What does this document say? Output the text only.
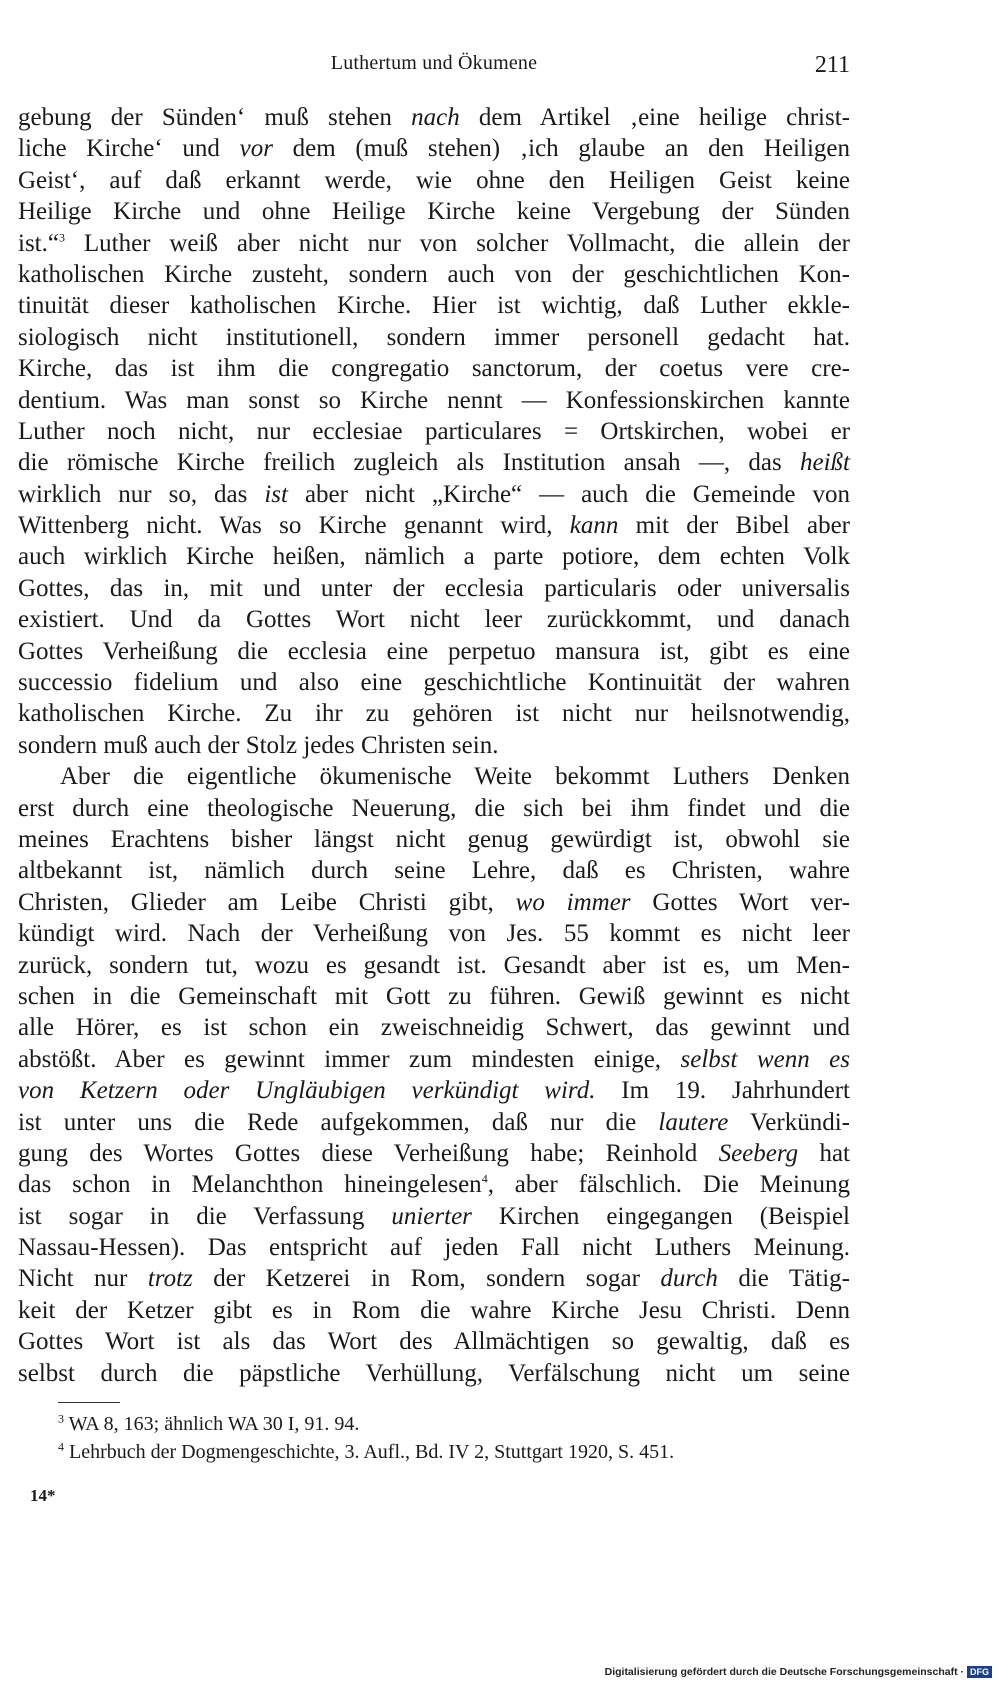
Luthertum und Ökumene	211
gebung der Sünden‘ muß stehen nach dem Artikel ‚eine heilige christ-
liche Kirche‘ und vor dem (muß stehen) ‚ich glaube an den Heiligen
Geist‘, auf daß erkannt werde, wie ohne den Heiligen Geist keine
Heilige Kirche und ohne Heilige Kirche keine Vergebung der Sünden
ist.“$^3$ Luther weiß aber nicht nur von solcher Vollmacht, die allein der
katholischen Kirche zusteht, sondern auch von der geschichtlichen Kon-
tinuität dieser katholischen Kirche. Hier ist wichtig, daß Luther ekkle-
siologisch nicht institutionell, sondern immer personell gedacht hat.
Kirche, das ist ihm die congregatio sanctorum, der coetus vere cre-
dentium. Was man sonst so Kirche nennt — Konfessionskirchen kannte
Luther noch nicht, nur ecclesiae particulares = Ortskirchen, wobei er
die römische Kirche freilich zugleich als Institution ansah —, das heißt
wirklich nur so, das ist aber nicht „Kirche“ — auch die Gemeinde von
Wittenberg nicht. Was so Kirche genannt wird, kann mit der Bibel aber
auch wirklich Kirche heißen, nämlich a parte potiore, dem echten Volk
Gottes, das in, mit und unter der ecclesia particularis oder universalis
existiert. Und da Gottes Wort nicht leer zurückkommt, und danach
Gottes Verheißung die ecclesia eine perpetuo mansura ist, gibt es eine
successio fidelium und also eine geschichtliche Kontinuität der wahren
katholischen Kirche. Zu ihr zu gehören ist nicht nur heilsnotwendig,
sondern muß auch der Stolz jedes Christen sein.
Aber die eigentliche ökumenische Weite bekommt Luthers Denken
erst durch eine theologische Neuerung, die sich bei ihm findet und die
meines Erachtens bisher längst nicht genug gewürdigt ist, obwohl sie
altbekannt ist, nämlich durch seine Lehre, daß es Christen, wahre
Christen, Glieder am Leibe Christi gibt, wo immer Gottes Wort ver-
kündigt wird. Nach der Verheißung von Jes. 55 kommt es nicht leer
zurück, sondern tut, wozu es gesandt ist. Gesandt aber ist es, um Men-
schen in die Gemeinschaft mit Gott zu führen. Gewiß gewinnt es nicht
alle Hörer, es ist schon ein zweischneidig Schwert, das gewinnt und
abstößt. Aber es gewinnt immer zum mindesten einige, selbst wenn es
von Ketzern oder Ungläubigen verkündigt wird. Im 19. Jahrhundert
ist unter uns die Rede aufgekommen, daß nur die lautere Verkündi-
gung des Wortes Gottes diese Verheißung habe; Reinhold Seeberg hat
das schon in Melanchthon hineingelesen$^4$, aber fälschlich. Die Meinung
ist sogar in die Verfassung unierter Kirchen eingegangen (Beispiel
Nassau-Hessen). Das entspricht auf jeden Fall nicht Luthers Meinung.
Nicht nur trotz der Ketzerei in Rom, sondern sogar durch die Tätig-
keit der Ketzer gibt es in Rom die wahre Kirche Jesu Christi. Denn
Gottes Wort ist als das Wort des Allmächtigen so gewaltig, daß es
selbst durch die päpstliche Verhüllung, Verfälschung nicht um seine
$^3$ WA 8, 163; ähnlich WA 30 I, 91. 94.
$^4$ Lehrbuch der Dogmengeschichte, 3. Aufl., Bd. IV 2, Stuttgart 1920, S. 451.
14*
Digitalisierung gefördert durch die Deutsche Forschungsgemeinschaft · DFG
